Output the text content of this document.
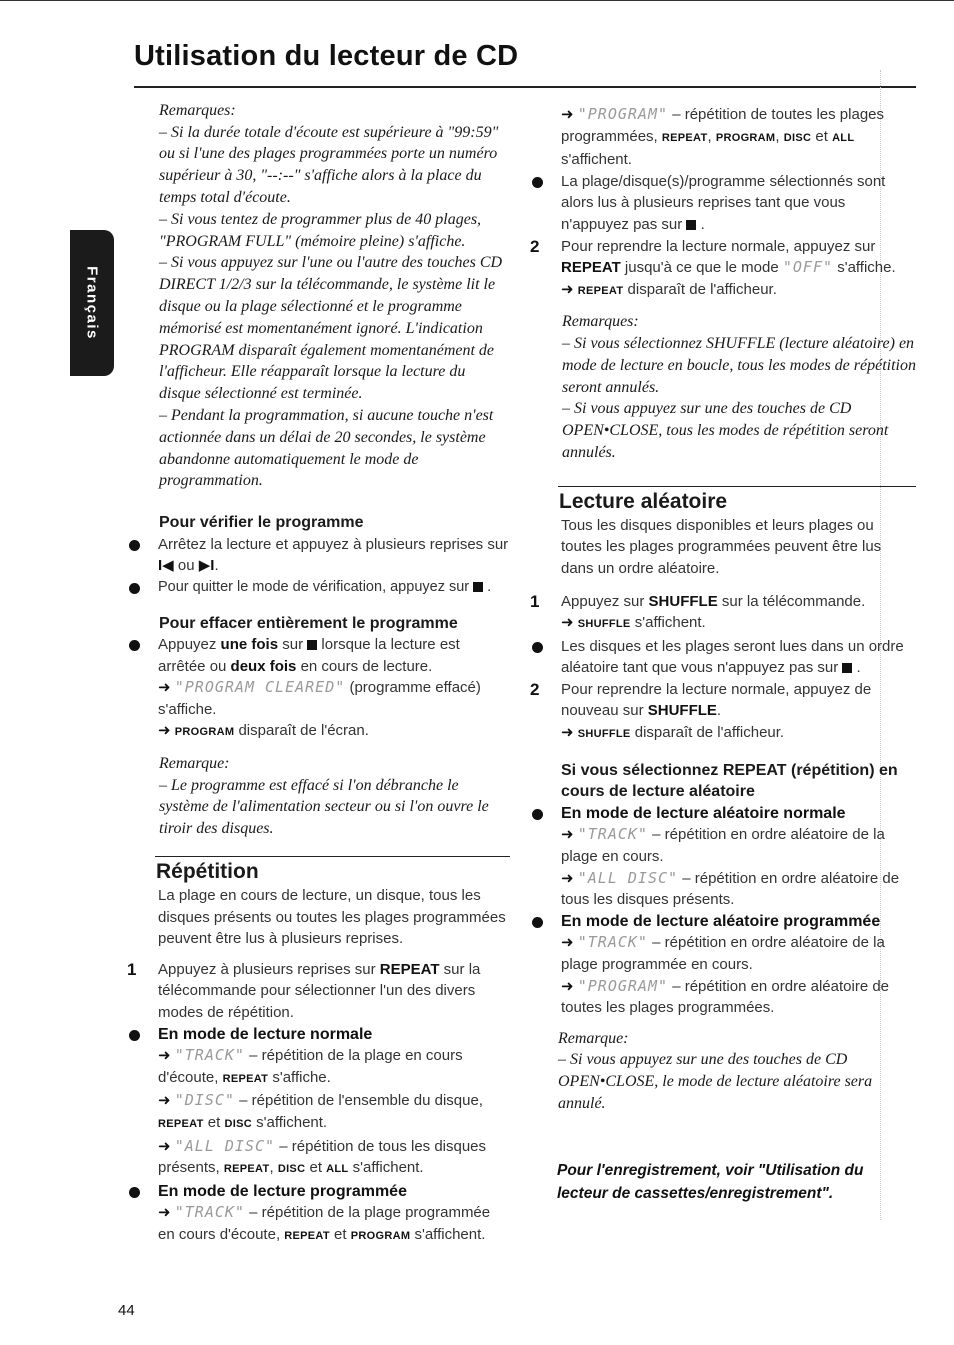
Utilisation du lecteur de CD
Français

Remarques:

– Si la durée totale d'écoute est supérieure à "99:59" ou si l'une des plages programmées porte un numéro supérieur à 30, "--:--" s'affiche alors à la place du temps total d'écoute.

– Si vous tentez de programmer plus de 40 plages, "PROGRAM FULL" (mémoire pleine) s'affiche.

– Si vous appuyez sur l'une ou l'autre des touches CD DIRECT 1/2/3 sur la télécommande, le système lit le disque ou la plage sélectionné et le programme mémorisé est momentanément ignoré. L'indication PROGRAM disparaît également momentanément de l'afficheur. Elle réapparaît lorsque la lecture du disque sélectionné est terminée.

– Pendant la programmation, si aucune touche n'est actionnée dans un délai de 20 secondes, le système abandonne automatiquement le mode de programmation.

Pour vérifier le programme

Arrêtez la lecture et appuyez à plusieurs reprises sur I◀ ou ▶I.

Pour quitter le mode de vérification, appuyez sur  .

Pour effacer entièrement le programme

Appuyez une fois sur  lorsque la lecture est arrêtée ou deux fois en cours de lecture.

➜ "PROGRAM CLEARED" (programme effacé) s'affiche.

➜ PROGRAM disparaît de l'écran.

Remarque:

– Le programme est effacé si l'on débranche le système de l'alimentation secteur ou si l'on ouvre le tiroir des disques.

Répétition

La plage en cours de lecture, un disque, tous les disques présents ou toutes les plages programmées peuvent être lus à plusieurs reprises.

1 Appuyez à plusieurs reprises sur REPEAT sur la télécommande pour sélectionner l'un des divers modes de répétition.

En mode de lecture normale

➜ "TRACK" – répétition de la plage en cours d'écoute, REPEAT s'affiche.

➜ "DISC" – répétition de l'ensemble du disque, REPEAT et DISC s'affichent.

➜ "ALL DISC" – répétition de tous les disques présents, REPEAT, DISC et ALL s'affichent.

En mode de lecture programmée

➜ "TRACK" – répétition de la plage programmée en cours d'écoute, REPEAT et PROGRAM s'affichent.

➜ "PROGRAM" – répétition de toutes les plages programmées, REPEAT, PROGRAM, DISC et ALL s'affichent.

La plage/disque(s)/programme sélectionnés sont alors lus à plusieurs reprises tant que vous n'appuyez pas sur  .

2 Pour reprendre la lecture normale, appuyez sur REPEAT jusqu'à ce que le mode "OFF" s'affiche.

➜ REPEAT disparaît de l'afficheur.

Remarques:

– Si vous sélectionnez SHUFFLE (lecture aléatoire) en mode de lecture en boucle, tous les modes de répétition seront annulés.

– Si vous appuyez sur une des touches de CD OPEN•CLOSE, tous les modes de répétition seront annulés.

Lecture aléatoire

Tous les disques disponibles et leurs plages ou toutes les plages programmées peuvent être lus dans un ordre aléatoire.

1 Appuyez sur SHUFFLE sur la télécommande.

➜ SHUFFLE s'affichent.

Les disques et les plages seront lues dans un ordre aléatoire tant que vous n'appuyez pas sur  .

2 Pour reprendre la lecture normale, appuyez de nouveau sur SHUFFLE.

➜ SHUFFLE disparaît de l'afficheur.

Si vous sélectionnez REPEAT (répétition) en cours de lecture aléatoire

En mode de lecture aléatoire normale

➜ "TRACK" – répétition en ordre aléatoire de la plage en cours.

➜ "ALL DISC" – répétition en ordre aléatoire de tous les disques présents.

En mode de lecture aléatoire programmée

➜ "TRACK" – répétition en ordre aléatoire de la plage programmée en cours.

➜ "PROGRAM" – répétition en ordre aléatoire de toutes les plages programmées.

Remarque:

– Si vous appuyez sur une des touches de CD OPEN•CLOSE, le mode de lecture aléatoire sera annulé.

Pour l'enregistrement, voir "Utilisation du lecteur de cassettes/enregistrement".

44
